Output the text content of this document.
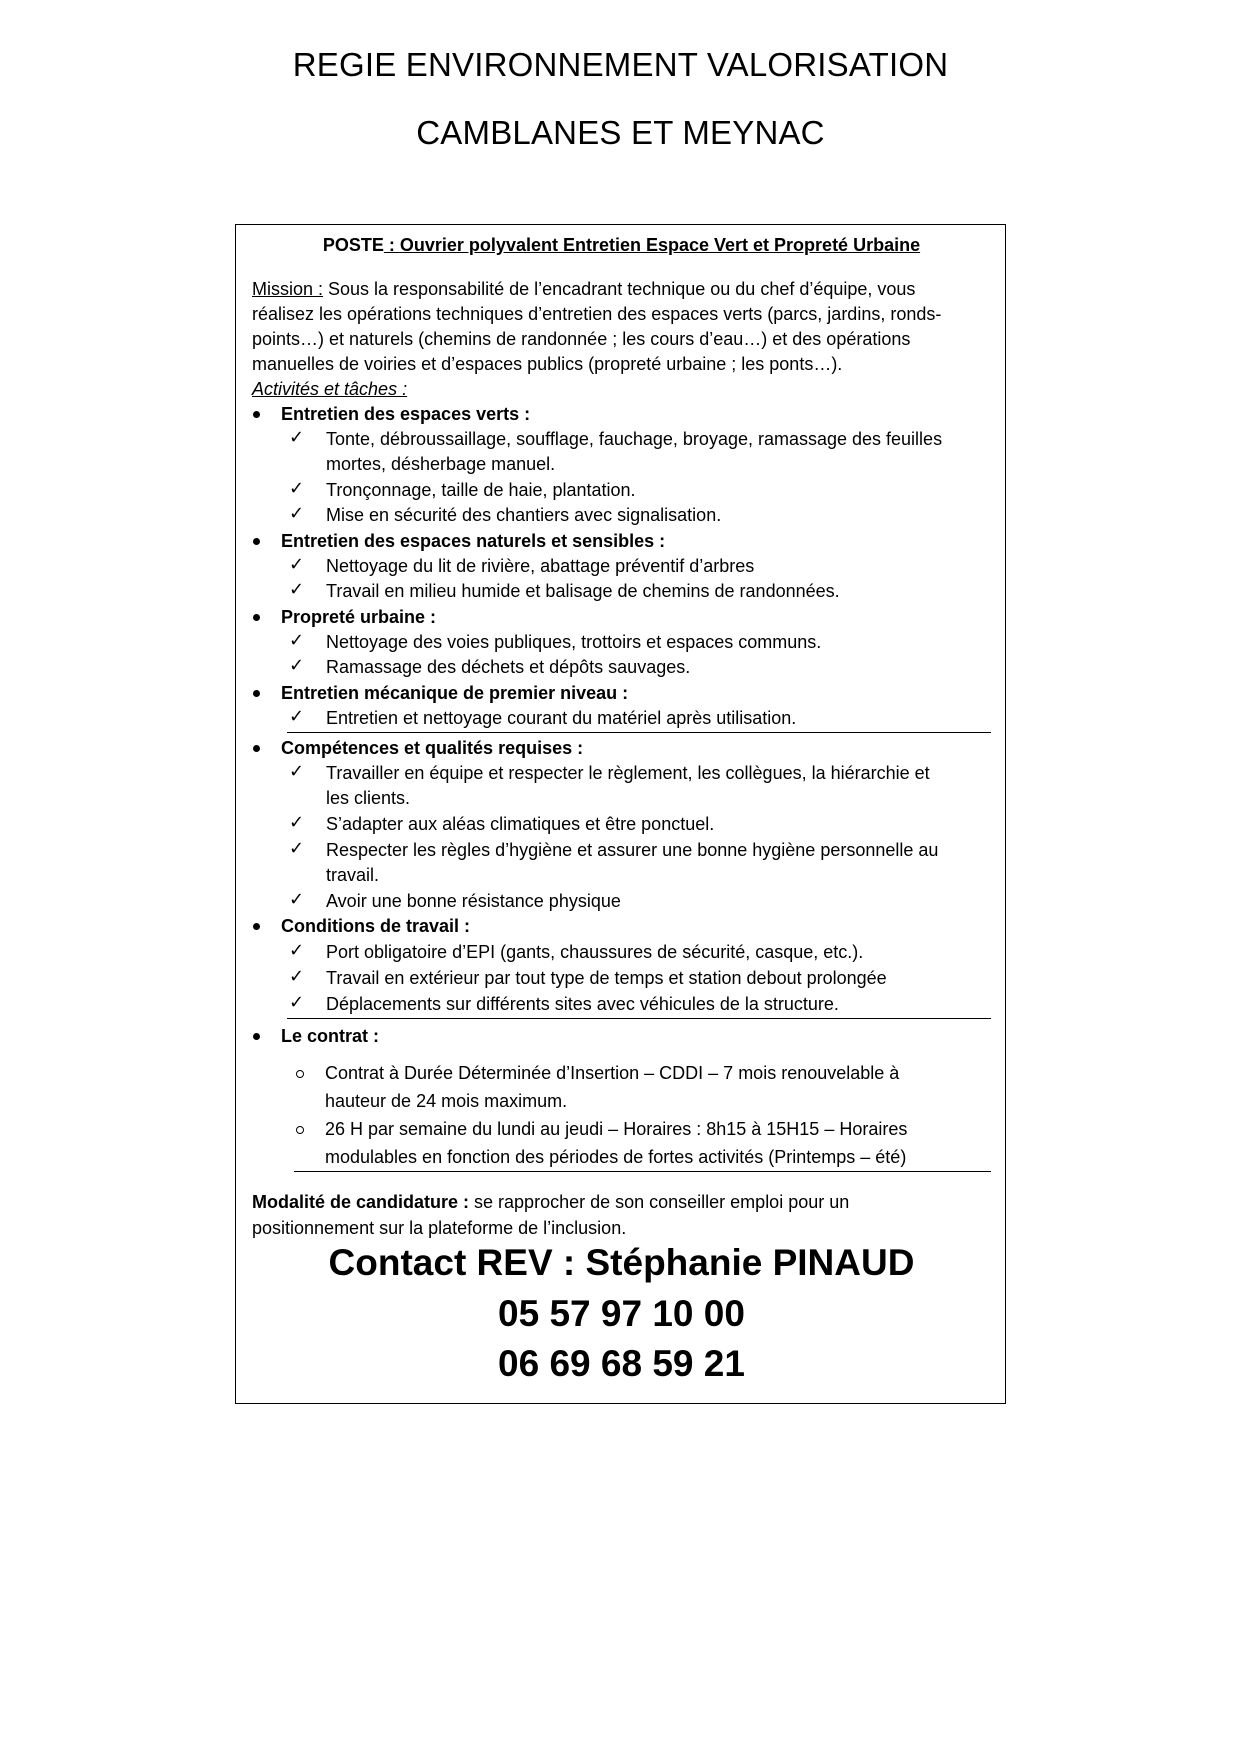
REGIE ENVIRONNEMENT VALORISATION
CAMBLANES ET MEYNAC
POSTE : Ouvrier polyvalent Entretien Espace Vert et Propreté Urbaine
Mission : Sous la responsabilité de l’encadrant technique ou du chef d’équipe, vous
réalisez les opérations techniques d’entretien des espaces verts (parcs, jardins, ronds-
points…) et naturels (chemins de randonnée ; les cours d’eau…) et des opérations
manuelles de voiries et d’espaces publics (propreté urbaine ; les ponts…).
Activités et tâches :
Entretien des espaces verts :
✓ Tonte, débroussaillage, soufflage, fauchage, broyage, ramassage des feuilles
mortes, désherbage manuel.
✓ Tronçonnage, taille de haie, plantation.
✓ Mise en sécurité des chantiers avec signalisation.
Entretien des espaces naturels et sensibles :
✓ Nettoyage du lit de rivière, abattage préventif d’arbres
✓ Travail en milieu humide et balisage de chemins de randonnées.
Propreté urbaine :
✓ Nettoyage des voies publiques, trottoirs et espaces communs.
✓ Ramassage des déchets et dépôts sauvages.
Entretien mécanique de premier niveau :
✓ Entretien et nettoyage courant du matériel après utilisation.
Compétences et qualités requises :
✓ Travailler en équipe et respecter le règlement, les collègues, la hiérarchie et
les clients.
✓ S’adapter aux aléas climatiques et être ponctuel.
✓ Respecter les règles d’hygiène et assurer une bonne hygiène personnelle au
travail.
✓ Avoir une bonne résistance physique
Conditions de travail :
✓ Port obligatoire d’EPI (gants, chaussures de sécurité, casque, etc.).
✓ Travail en extérieur par tout type de temps et station debout prolongée
✓ Déplacements sur différents sites avec véhicules de la structure.
Le contrat :
Contrat à Durée Déterminée d’Insertion – CDDI – 7 mois renouvelable à
hauteur de 24 mois maximum.
26 H par semaine du lundi au jeudi – Horaires : 8h15 à 15H15 – Horaires
modulables en fonction des périodes de fortes activités (Printemps – été)
Modalité de candidature : se rapprocher de son conseiller emploi pour un
positionnement sur la plateforme de l’inclusion.
Contact REV : Stéphanie PINAUD
05 57 97 10 00
06 69 68 59 21
